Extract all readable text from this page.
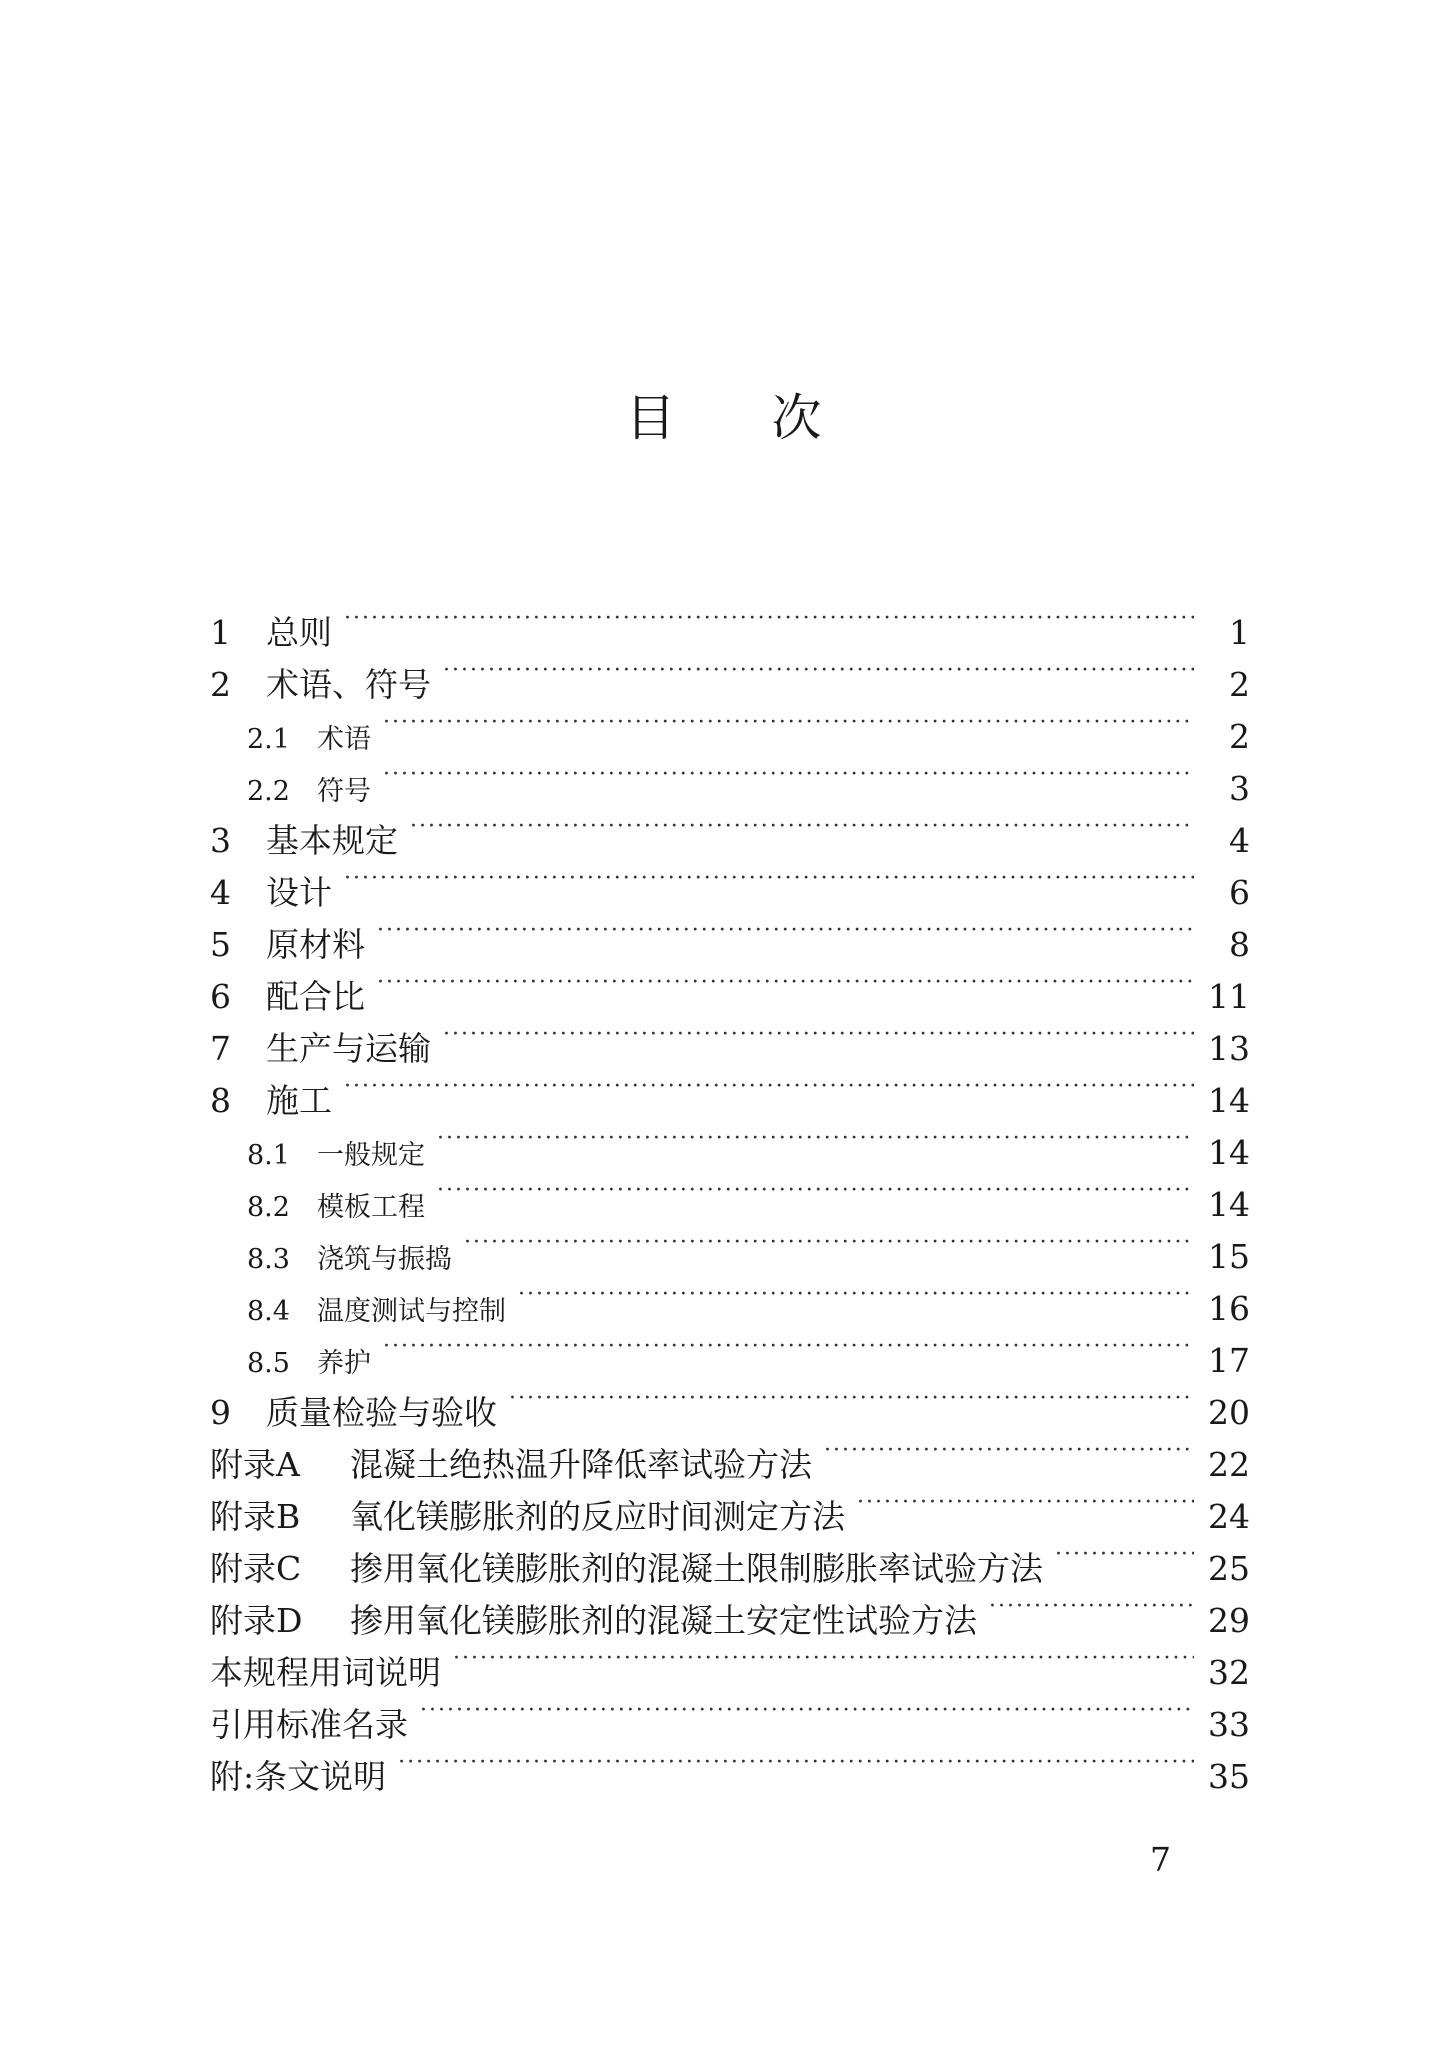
目 次
1	总则 ·····	1
2	术语、符号 ·····	2
2.1	术语 ·····	2
2.2	符号 ·····	3
3	基本规定 ·····	4
4	设计 ·····	6
5	原材料 ·····	8
6	配合比 ·····	11
7	生产与运输 ·····	13
8	施工 ·····	14
8.1	一般规定 ·····	14
8.2	模板工程 ·····	14
8.3	浇筑与振捣 ·····	15
8.4	温度测试与控制 ·····	16
8.5	养护 ·····	17
9	质量检验与验收 ·····	20
附录A	混凝土绝热温升降低率试验方法 ·····	22
附录B	氧化镁膨胀剂的反应时间测定方法 ·····	24
附录C	掺用氧化镁膨胀剂的混凝土限制膨胀率试验方法 ·····	25
附录D	掺用氧化镁膨胀剂的混凝土安定性试验方法 ·····	29
本规程用词说明 ·····	32
引用标准名录 ·····	33
附:条文说明 ·····	35
7
